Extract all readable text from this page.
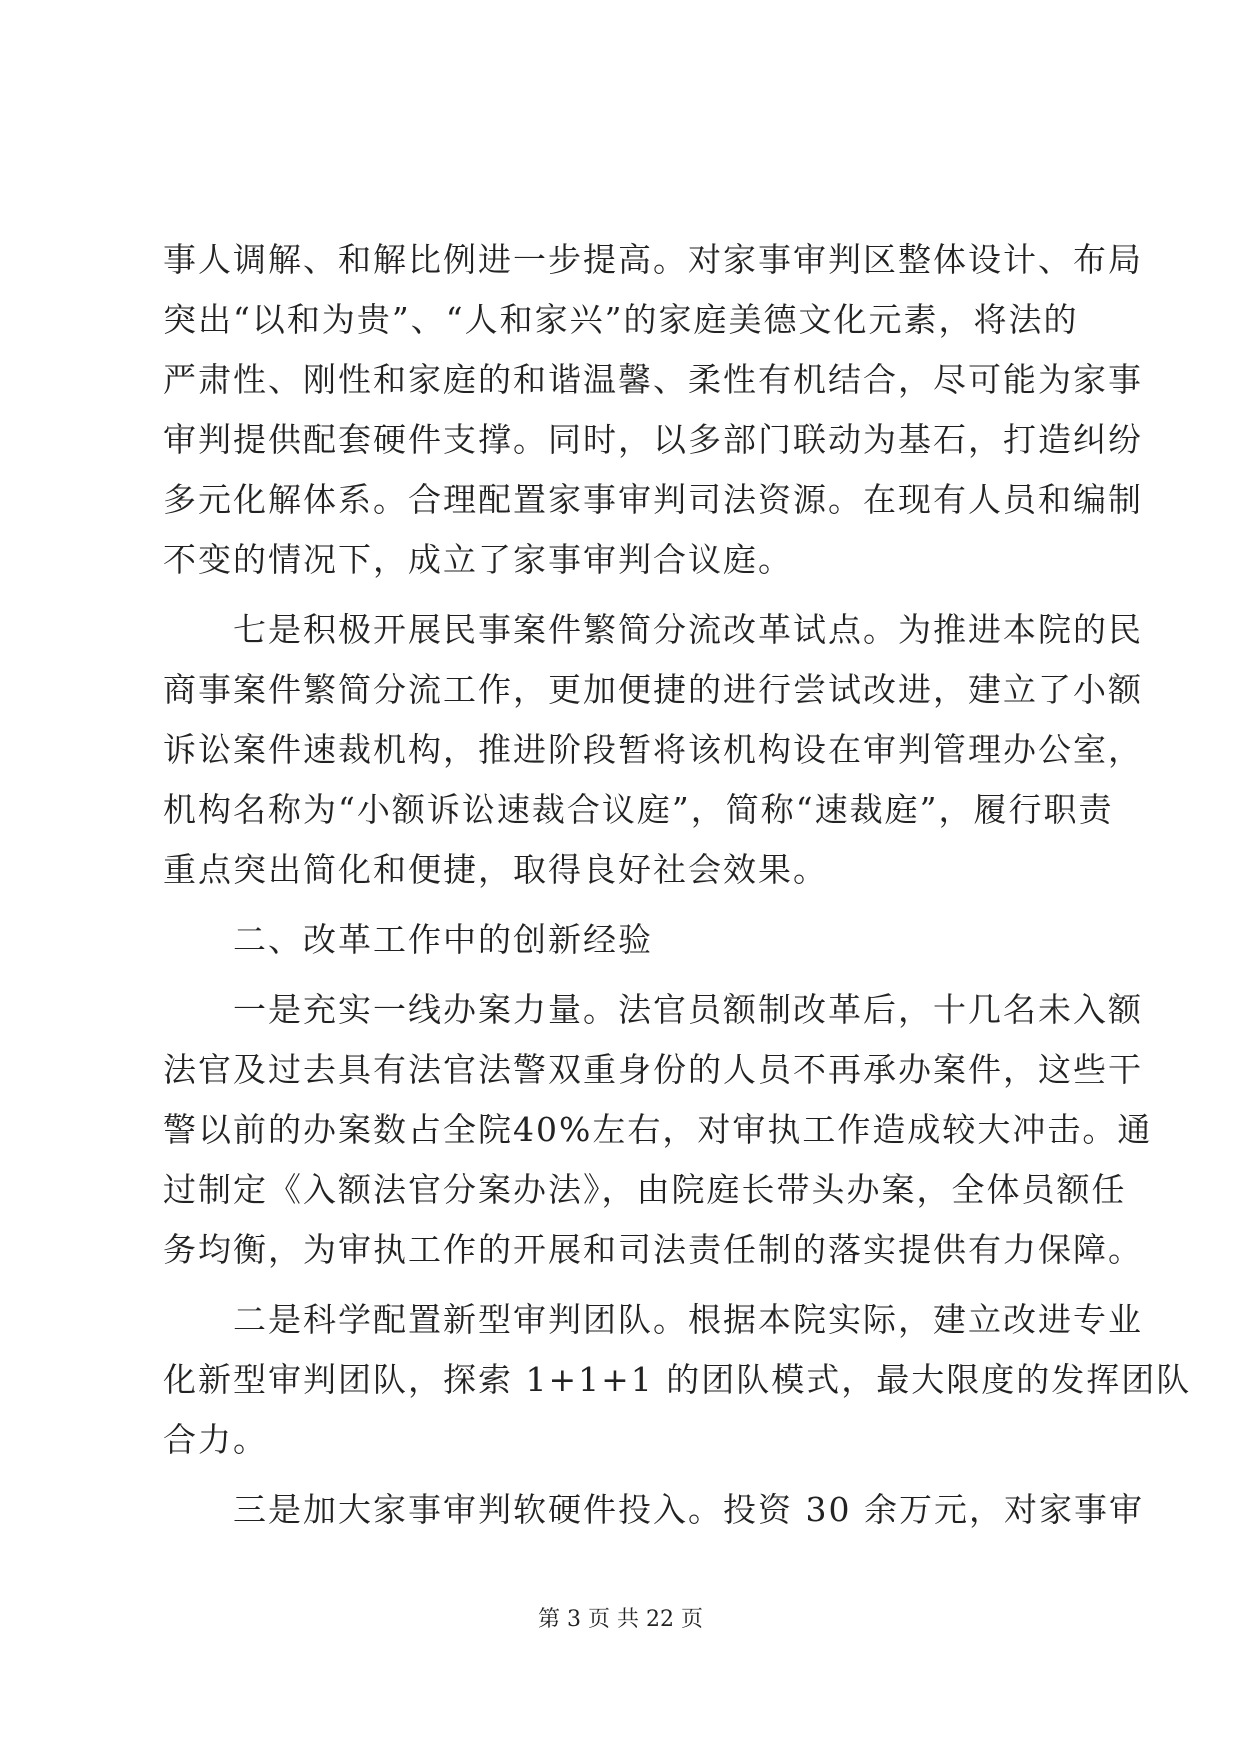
事人调解、和解比例进一步提高。对家事审判区整体设计、布局
突出“以和为贵”、“人和家兴”的家庭美德文化元素，将法的
严肃性、刚性和家庭的和谐温馨、柔性有机结合，尽可能为家事
审判提供配套硬件支撑。同时，以多部门联动为基石，打造纠纷
多元化解体系。合理配置家事审判司法资源。在现有人员和编制
不变的情况下，成立了家事审判合议庭。
七是积极开展民事案件繁简分流改革试点。为推进本院的民
商事案件繁简分流工作，更加便捷的进行尝试改进，建立了小额
诉讼案件速裁机构，推进阶段暂将该机构设在审判管理办公室，
机构名称为“小额诉讼速裁合议庭”，简称“速裁庭”，履行职责
重点突出简化和便捷，取得良好社会效果。
二、改革工作中的创新经验
一是充实一线办案力量。法官员额制改革后，十几名未入额
法官及过去具有法官法警双重身份的人员不再承办案件，这些干
警以前的办案数占全院40%左右，对审执工作造成较大冲击。通
过制定《入额法官分案办法》，由院庭长带头办案，全体员额任
务均衡，为审执工作的开展和司法责任制的落实提供有力保障。
二是科学配置新型审判团队。根据本院实际，建立改进专业
化新型审判团队，探索 1+1+1 的团队模式，最大限度的发挥团队
合力。
三是加大家事审判软硬件投入。投资 30 余万元，对家事审
第 3 页 共 22 页
